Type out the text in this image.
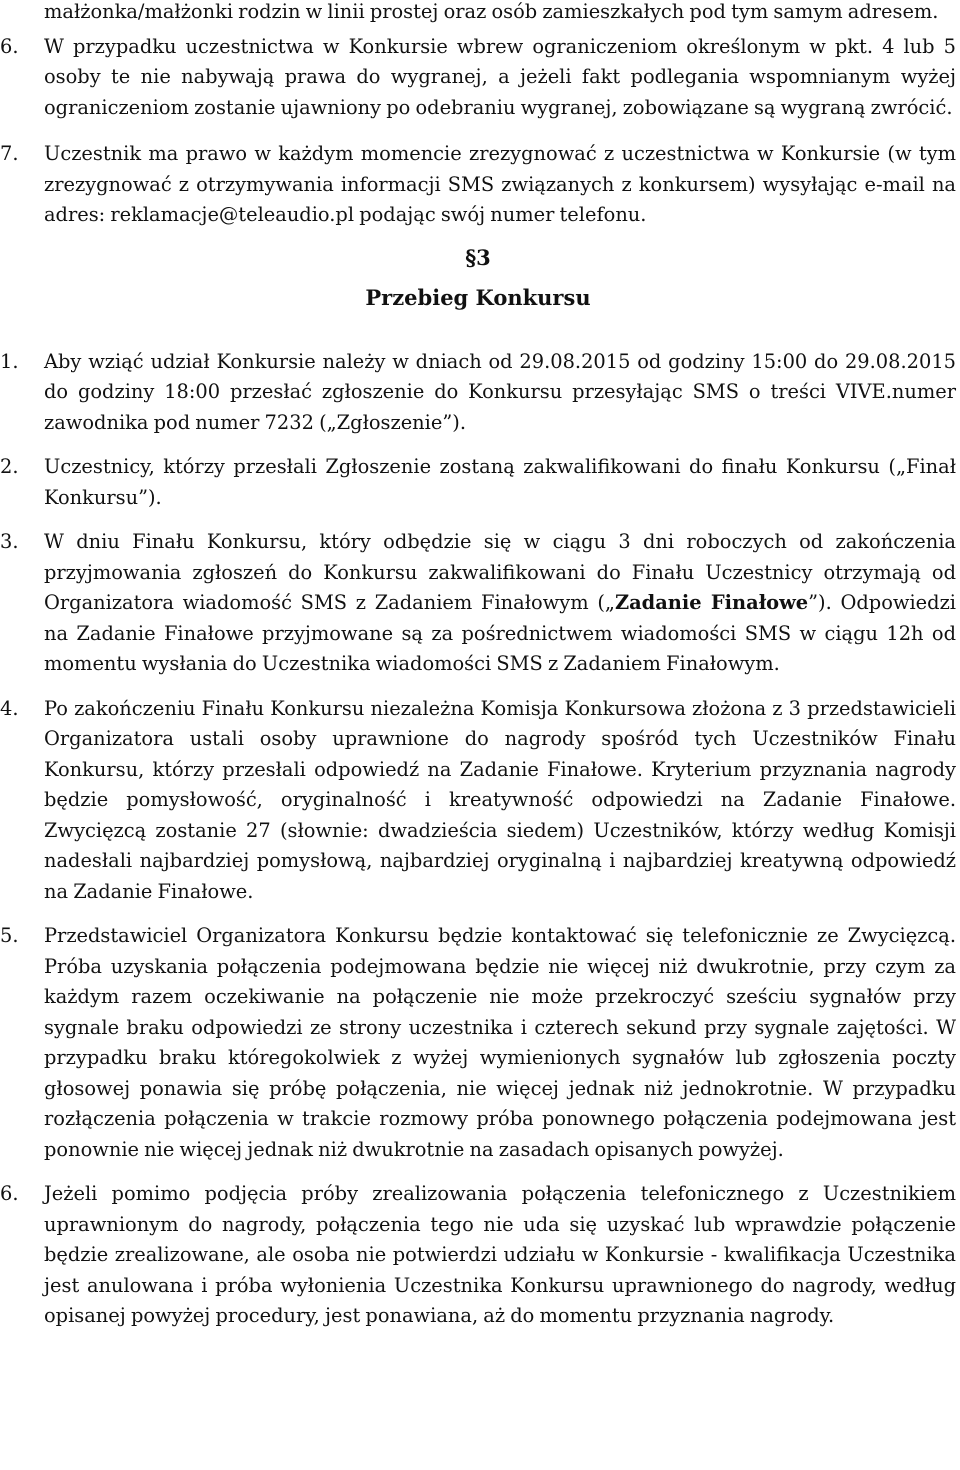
małżonka/małżonki rodzin w linii prostej oraz osób zamieszkałych pod tym samym adresem.

6. W przypadku uczestnictwa w Konkursie wbrew ograniczeniom określonym w pkt. 4 lub 5 osoby te nie nabywają prawa do wygranej, a jeżeli fakt podlegania wspomnianym wyżej ograniczeniom zostanie ujawniony po odebraniu wygranej, zobowiązane są wygraną zwrócić.

7. Uczestnik ma prawo w każdym momencie zrezygnować z uczestnictwa w Konkursie (w tym zrezygnować z otrzymywania informacji SMS związanych z konkursem) wysyłając e-mail na adres: reklamacje@teleaudio.pl podając swój numer telefonu.

§3

Przebieg Konkursu

1. Aby wziąć udział Konkursie należy w dniach od 29.08.2015 od godziny 15:00 do 29.08.2015 do godziny 18:00 przesłać zgłoszenie do Konkursu przesyłając SMS o treści VIVE.numer zawodnika pod numer 7232 („Zgłoszenie”).

2. Uczestnicy, którzy przesłali Zgłoszenie zostaną zakwalifikowani do finału Konkursu („Finał Konkursu”).

3. W dniu Finału Konkursu, który odbędzie się w ciągu 3 dni roboczych od zakończenia przyjmowania zgłoszeń do Konkursu zakwalifikowani do Finału Uczestnicy otrzymają od Organizatora wiadomość SMS z Zadaniem Finałowym („Zadanie Finałowe”). Odpowiedzi na Zadanie Finałowe przyjmowane są za pośrednictwem wiadomości SMS w ciągu 12h od momentu wysłania do Uczestnika wiadomości SMS z Zadaniem Finałowym.

4. Po zakończeniu Finału Konkursu niezależna Komisja Konkursowa złożona z 3 przedstawicieli Organizatora ustali osoby uprawnione do nagrody spośród tych Uczestników Finału Konkursu, którzy przesłali odpowiedź na Zadanie Finałowe. Kryterium przyznania nagrody będzie pomysłowość, oryginalność i kreatywność odpowiedzi na Zadanie Finałowe. Zwycięzcą zostanie 27 (słownie: dwadzieścia siedem) Uczestników, którzy według Komisji nadesłali najbardziej pomysłową, najbardziej oryginalną i najbardziej kreatywną odpowiedź na Zadanie Finałowe.

5. Przedstawiciel Organizatora Konkursu będzie kontaktować się telefonicznie ze Zwycięzcą. Próba uzyskania połączenia podejmowana będzie nie więcej niż dwukrotnie, przy czym za każdym razem oczekiwanie na połączenie nie może przekroczyć sześciu sygnałów przy sygnale braku odpowiedzi ze strony uczestnika i czterech sekund przy sygnale zajętości. W przypadku braku któregokolwiek z wyżej wymienionych sygnałów lub zgłoszenia poczty głosowej ponawia się próbę połączenia, nie więcej jednak niż jednokrotnie. W przypadku rozłączenia połączenia w trakcie rozmowy próba ponownego połączenia podejmowana jest ponownie nie więcej jednak niż dwukrotnie na zasadach opisanych powyżej.

6. Jeżeli pomimo podjęcia próby zrealizowania połączenia telefonicznego z Uczestnikiem uprawnionym do nagrody, połączenia tego nie uda się uzyskać lub wprawdzie połączenie będzie zrealizowane, ale osoba nie potwierdzi udziału w Konkursie - kwalifikacja Uczestnika jest anulowana i próba wyłonienia Uczestnika Konkursu uprawnionego do nagrody, według opisanej powyżej procedury, jest ponawiana, aż do momentu przyznania nagrody.
